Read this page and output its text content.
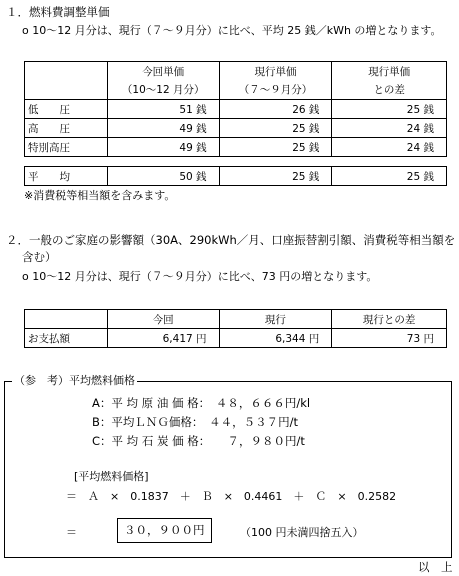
１．燃料費調整単価
o 10～12 月分は、現行（７～９月分）に比べ、平均 25 銭／kWh の増となります。
	今回単価	現行単価	現行単価
	（10～12 月分）	（７～９月分）	との差
低　　圧	51 銭	26 銭	25 銭
高　　圧	49 銭	25 銭	24 銭
特別高圧	49 銭	25 銭	24 銭
平　　均	50 銭	25 銭	25 銭
※消費税等相当額を含みます。
２．一般のご家庭の影響額（30A、290kWh／月、口座振替割引額、消費税等相当額を
含む）
o 10～12 月分は、現行（７～９月分）に比べ、73 円の増となります。
	今回	現行	現行との差
お支払額	6,417 円	6,344 円	73 円
（参　考）平均燃料価格
A：平 均 原 油 価 格：　４８，６６６円/kl
B：平均ＬＮＧ価格：　４４，５３７円/t
C：平 均 石 炭 価 格：　　７，９８０円/t
[平均燃料価格]
＝　Ａ　×　0.1837　＋　Ｂ　×　0.4461　＋　Ｃ　×　0.2582
＝	３０，９００円	（100 円未満四捨五入）
以　上
